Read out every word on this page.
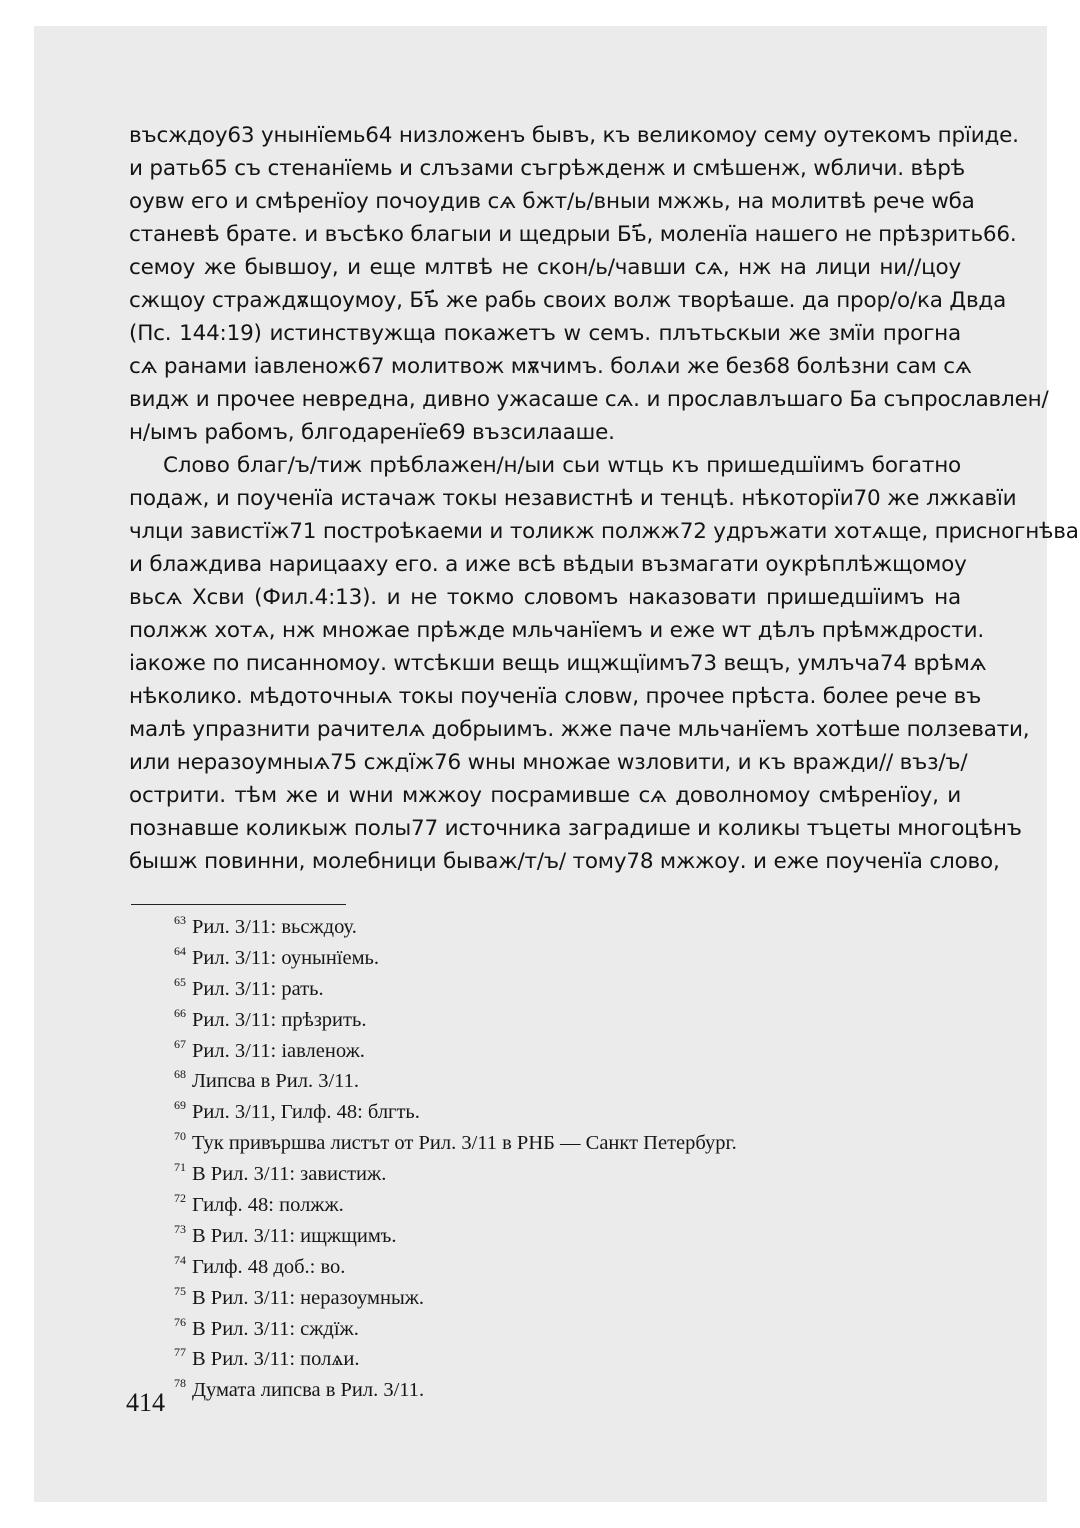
въсждоу63 унынїемь64 низложенъ бывъ, къ великомоу сему оутекомъ прїиде.
и рать65 съ стенанїемь и слъзами съгрѣжденж и смѣшенж, wбличи. вѣрѣ
оувw его и смѣренїоу почоудив сѧ бжт/ь/вныи мжжь, на молитвѣ рече wба
станевѣ брате. и въсѣко благыи и щедрыи Бъ҃, моленїа нашего не прѣзрить66.
семоу же бывшоу, и еще млтвѣ не скон/ь/чавши сѧ, нж на лици ни//цоу
сжщоу страждѫщоумоу, Бъ҃ же рабь своих волж творѣаше. да прор/о/ка Двда
(Пс. 144:19) истинствужща покажетъ w семъ. плътьскыи же змїи прогна
сѧ ранами іавленож67 молитвож мѫчимъ. болѧи же без68 болѣзни сам сѧ
видж и прочее невредна, дивно ужасаше сѧ. и прославлъшаго Ба съпрославлен/
н/ымъ рабомъ, блгодаренїе69 възсилааше.
Слово благ/ъ/тиж прѣблажен/н/ыи сьи wтць къ пришедшїимъ богатно
подаж, и поученїа истачаж токы независтнѣ и тенцѣ. нѣкоторїи70 же лжкавїи
члци завистїж71 построѣкаеми и толикж полжж72 удръжати хотѧще, присногнѣва
и блаждива нарицааху его. а иже всѣ вѣдыи възмагати оукрѣплѣжщомоу
вьсѧ Хсви (Фил.4:13). и не токмо словомъ наказовати пришедшїимъ на
полжж хотѧ, нж множае прѣжде мльчанїемъ и еже wт дѣлъ прѣмждрости.
іакоже по писанномоу. wтсѣкши вещь ищжщїимъ73 вещъ, умлъча74 врѣмѧ
нѣколико. мѣдоточныѧ токы поученїа словw, прочее прѣста. более рече въ
малѣ упразнити рачителѧ добрыимъ. жже паче мльчанїемъ хотѣше ползевати,
или неразоумныѧ75 сждїж76 wны множае wзловити, и къ вражди// въз/ъ/
острити. тѣм же и wни мжжоу посрамивше сѧ доволномоу смѣренїоу, и
познавше коликыж полы77 источника заградише и коликы тъцеты многоцѣнъ
бышж повинни, молебници бываж/т/ъ/ тому78 мжжоу. и еже поученїа слово,
$^{63}$ Рил. 3/11: вьсждоу.
$^{64}$ Рил. 3/11: оунынїемь.
$^{65}$ Рил. 3/11: рать.
$^{66}$ Рил. 3/11: прѣзрить.
$^{67}$ Рил. 3/11: іавленож.
$^{68}$ Липсва в Рил. 3/11.
$^{69}$ Рил. 3/11, Гилф. 48: блгть.
$^{70}$ Тук привършва листът от Рил. 3/11 в РНБ — Санкт Петербург.
$^{71}$ В Рил. 3/11: завистиж.
$^{72}$ Гилф. 48: полжж.
$^{73}$ В Рил. 3/11: ищжщимъ.
$^{74}$ Гилф. 48 доб.: во.
$^{75}$ В Рил. 3/11: неразоумныж.
$^{76}$ В Рил. 3/11: сждїж.
$^{77}$ В Рил. 3/11: полѧи.
$^{78}$ Думата липсва в Рил. 3/11.
414
